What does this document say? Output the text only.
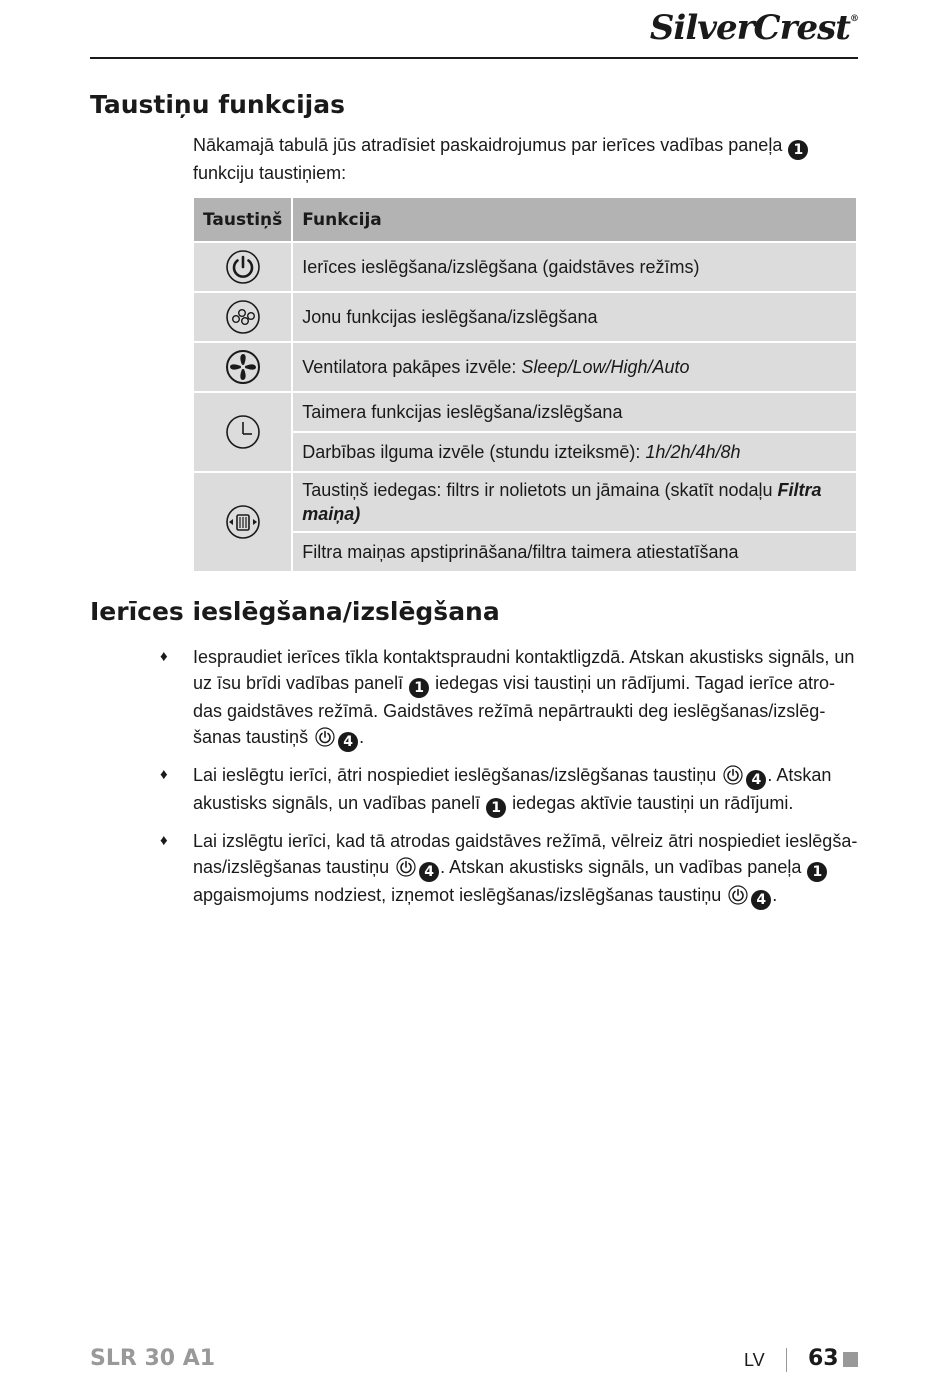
SilverCrest®
Taustiņu funkcijas
Nākamajā tabulā jūs atradīsiet paskaidrojumus par ierīces vadības paneļa 1 funkciju taustiņiem:
Taustiņš	Funkcija
	Ierīces ieslēgšana/izslēgšana (gaidstāves režīms)
	Jonu funkcijas ieslēgšana/izslēgšana
	Ventilatora pakāpes izvēle: Sleep/Low/High/Auto
	Taimera funkcijas ieslēgšana/izslēgšana
	Darbības ilguma izvēle (stundu izteiksmē): 1h/2h/4h/8h
	Taustiņš iedegas: filtrs ir nolietots un jāmaina (skatīt nodaļu Filtra maiņa)
	Filtra maiņas apstiprināšana/filtra taimera atiestatīšana
Ierīces ieslēgšana/izslēgšana
♦ Iespraudiet ierīces tīkla kontaktspraudni kontaktligzdā. Atskan akustisks signāls, un uz īsu brīdi vadības panelī 1 iedegas visi taustiņi un rādījumi. Tagad ierīce atro-das gaidstāves režīmā. Gaidstāves režīmā nepārtraukti deg ieslēgšanas/izslēg-šanas taustiņš 4 .
♦ Lai ieslēgtu ierīci, ātri nospiediet ieslēgšanas/izslēgšanas taustiņu 4 . Atskan akustisks signāls, un vadības panelī 1 iedegas aktīvie taustiņi un rādījumi.
♦ Lai izslēgtu ierīci, kad tā atrodas gaidstāves režīmā, vēlreiz ātri nospiediet ieslēgša-nas/izslēgšanas taustiņu 4 . Atskan akustisks signāls, un vadības paneļa 1 apgaismojums nodziest, izņemot ieslēgšanas/izslēgšanas taustiņu 4 .
SLR 30 A1	LV 63
